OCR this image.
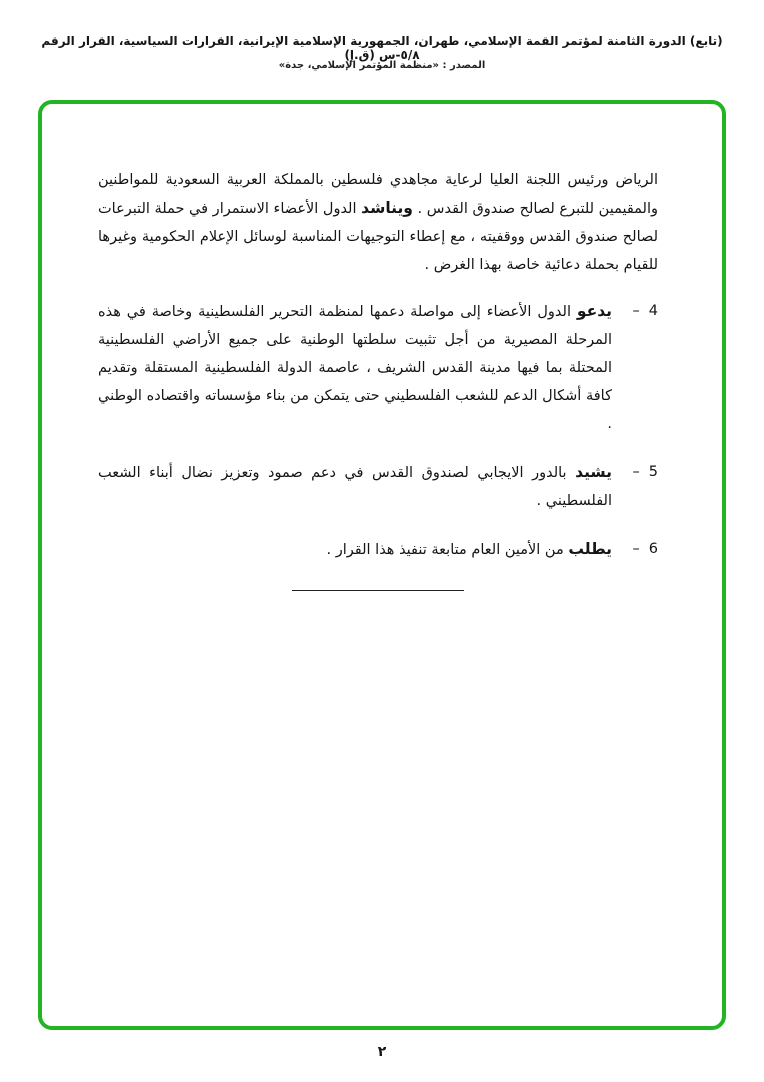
(تابع) الدورة الثامنة لمؤتمر القمة الإسلامي، طهران، الجمهورية الإسلامية الإيرانية، القرارات السياسية، القرار الرقم ٥/٨-س (ق.إ)
المصدر : «منظمة المؤتمر الإسلامي، جدة»
الرياض ورئيس اللجنة العليا لرعاية مجاهدي فلسطين بالمملكة العربية السعودية للمواطنين والمقيمين للتبرع لصالح صندوق القدس . ويناشد الدول الأعضاء الاستمرار في حملة التبرعات لصالح صندوق القدس ووقفيته ، مع إعطاء التوجيهات المناسبة لوسائل الإعلام الحكومية وغيرها للقيام بحملة دعائية خاصة بهذا الغرض .
4
–
يدعو الدول الأعضاء إلى مواصلة دعمها لمنظمة التحرير الفلسطينية وخاصة في هذه المرحلة المصيرية من أجل تثبيت سلطتها الوطنية على جميع الأراضي الفلسطينية المحتلة بما فيها مدينة القدس الشريف ، عاصمة الدولة الفلسطينية المستقلة وتقديم كافة أشكال الدعم للشعب الفلسطيني حتى يتمكن من بناء مؤسساته واقتصاده الوطني .
5
–
يشيد بالدور الايجابي لصندوق القدس في دعم صمود وتعزيز نضال أبناء الشعب الفلسطيني .
6
–
يطلب من الأمين العام متابعة تنفيذ هذا القرار .
٢
